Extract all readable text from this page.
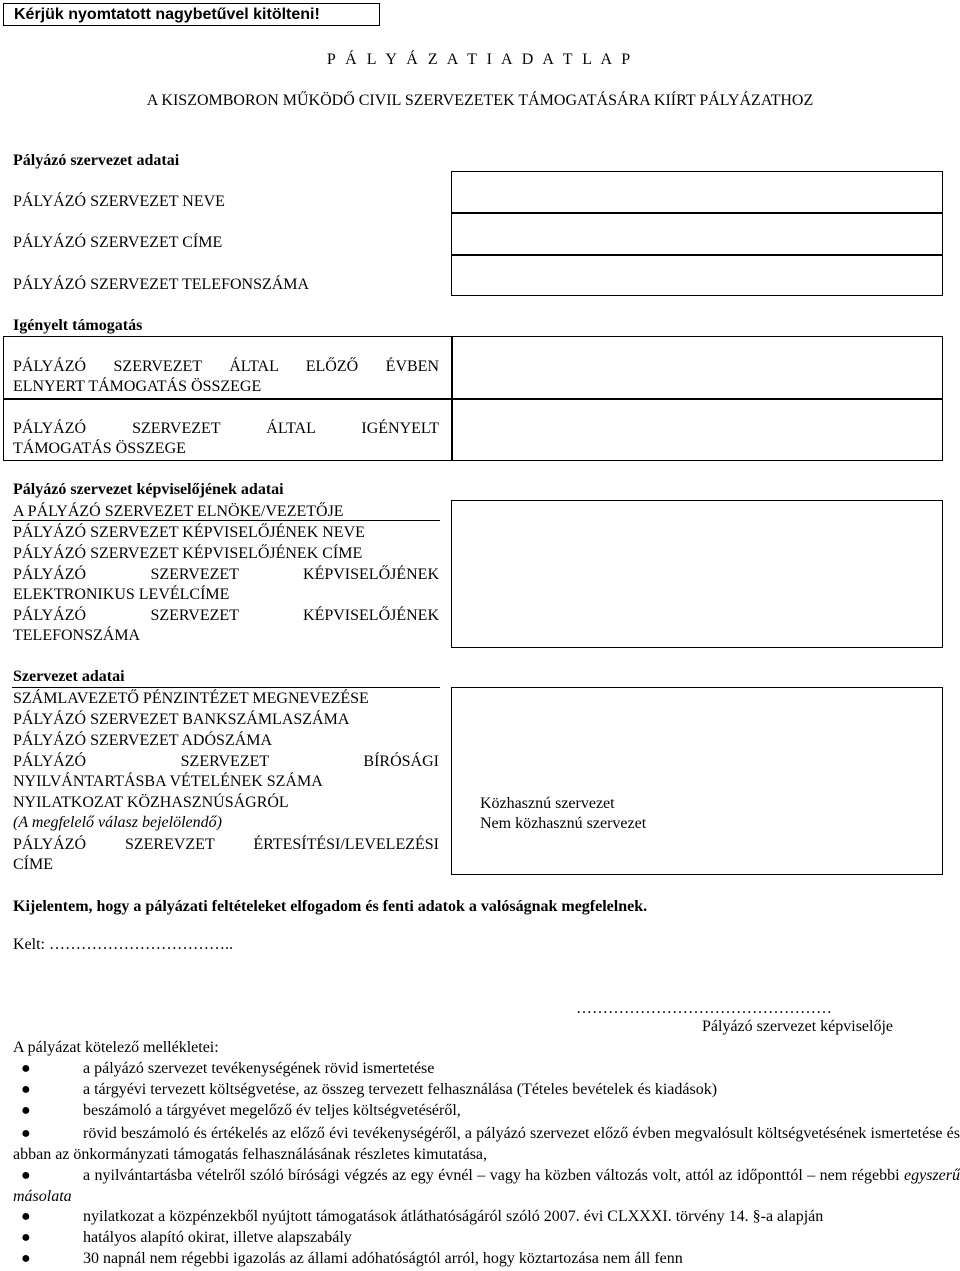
Kérjük nyomtatott nagybetűvel kitölteni!
P Á L Y Á Z A T I A D A T L A P
A KISZOMBORON MŰKÖDŐ CIVIL SZERVEZETEK TÁMOGATÁSÁRA KIÍRT PÁLYÁZATHOZ
Pályázó szervezet adatai
PÁLYÁZÓ SZERVEZET NEVE
PÁLYÁZÓ SZERVEZET CÍME
PÁLYÁZÓ SZERVEZET TELEFONSZÁMA
Igényelt támogatás
PÁLYÁZÓ SZERVEZET ÁLTAL ELŐZŐ ÉVBEN
ELNYERT TÁMOGATÁS ÖSSZEGE
PÁLYÁZÓ SZERVEZET ÁLTAL IGÉNYELT
TÁMOGATÁS ÖSSZEGE
Pályázó szervezet képviselőjének adatai
A PÁLYÁZÓ SZERVEZET ELNÖKE/VEZETŐJE
PÁLYÁZÓ SZERVEZET KÉPVISELŐJÉNEK NEVE
PÁLYÁZÓ SZERVEZET KÉPVISELŐJÉNEK CÍME
PÁLYÁZÓ SZERVEZET KÉPVISELŐJÉNEK
ELEKTRONIKUS LEVÉLCÍME
PÁLYÁZÓ SZERVEZET KÉPVISELŐJÉNEK
TELEFONSZÁMA
Szervezet adatai
SZÁMLAVEZETŐ PÉNZINTÉZET MEGNEVEZÉSE
PÁLYÁZÓ SZERVEZET BANKSZÁMLASZÁMA
PÁLYÁZÓ SZERVEZET ADÓSZÁMA
PÁLYÁZÓ SZERVEZET BÍRÓSÁGI
NYILVÁNTARTÁSBA VÉTELÉNEK SZÁMA
NYILATKOZAT KÖZHASZNÚSÁGRÓL
(A megfelelő válasz bejelölendő)
Közhasznú szervezet
Nem közhasznú szervezet
PÁLYÁZÓ SZEREVZET ÉRTESÍTÉSI/LEVELEZÉSI
CÍME
Kijelentem, hogy a pályázati feltételeket elfogadom és fenti adatok a valóságnak megfelelnek.
Kelt: ……………………………..
…………………………………………
Pályázó szervezet képviselője
A pályázat kötelező mellékletei:
●	a pályázó szervezet tevékenységének rövid ismertetése
●	a tárgyévi tervezett költségvetése, az összeg tervezett felhasználása (Tételes bevételek és kiadások)
●	beszámoló a tárgyévet megelőző év teljes költségvetéséről,
●	rövid beszámoló és értékelés az előző évi tevékenységéről, a pályázó szervezet előző évben megvalósult költségvetésének ismertetése és abban az önkormányzati támogatás felhasználásának részletes kimutatása,
●	a nyilvántartásba vételről szóló bírósági végzés az egy évnél – vagy ha közben változás volt, attól az időponttól – nem régebbi egyszerű másolata
●	nyilatkozat a közpénzekből nyújtott támogatások átláthatóságáról szóló 2007. évi CLXXXI. törvény 14. §-a alapján
●	hatályos alapító okirat, illetve alapszabály
●	30 napnál nem régebbi igazolás az állami adóhatóságtól arról, hogy köztartozása nem áll fenn
